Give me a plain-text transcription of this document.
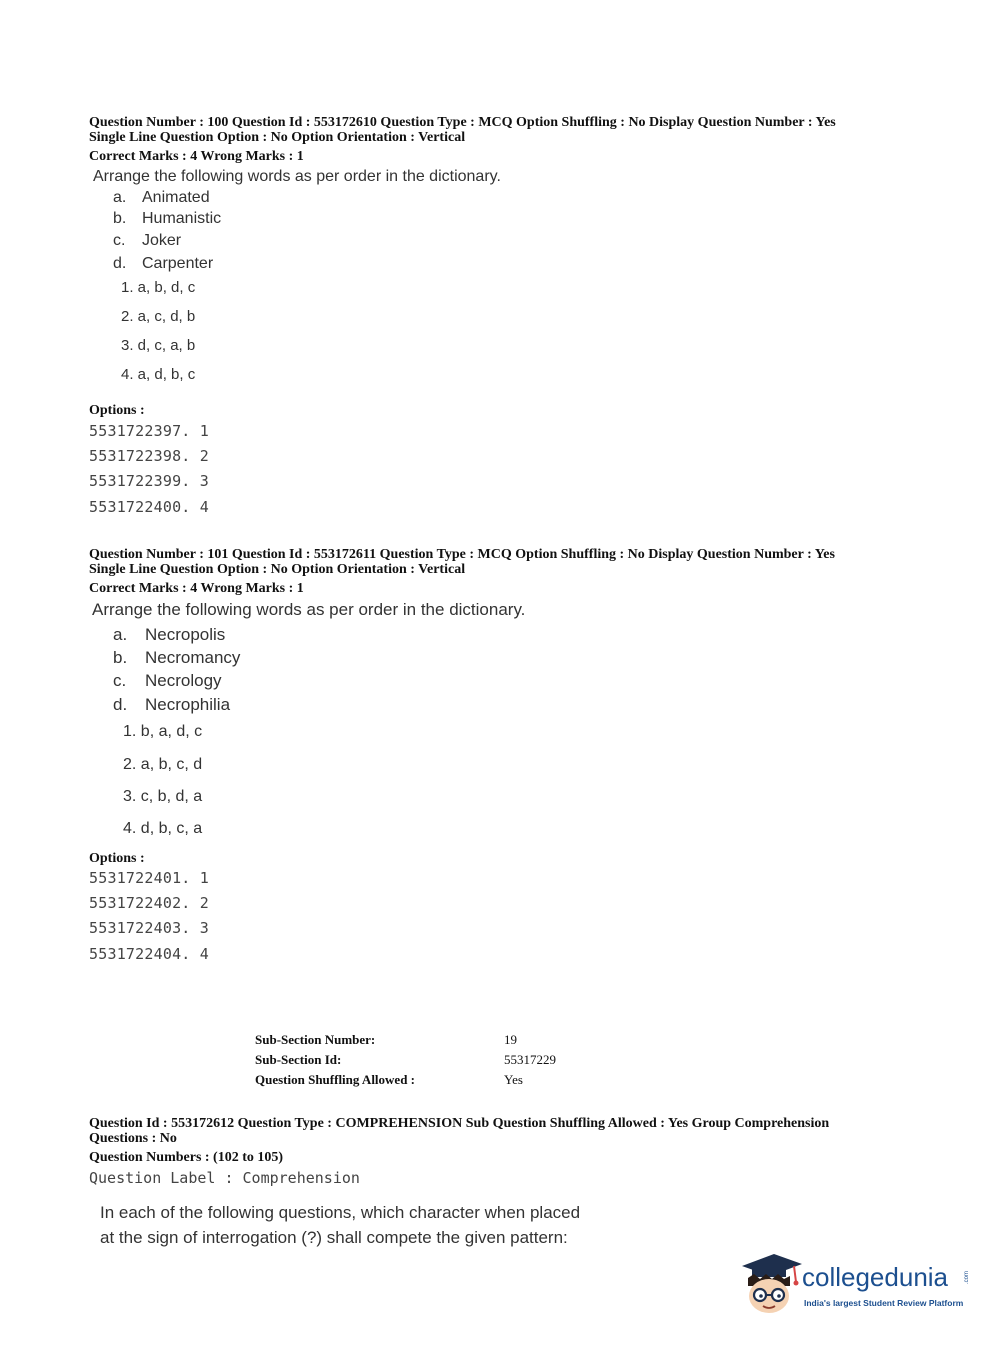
Question Number : 100 Question Id : 553172610 Question Type : MCQ Option Shuffling : No Display Question Number : Yes
Single Line Question Option : No Option Orientation : Vertical
Correct Marks : 4 Wrong Marks : 1
Arrange the following words as per order in the dictionary.
a. Animated
b. Humanistic
c. Joker
d. Carpenter
1. a, b, d, c
2. a, c, d, b
3. d, c, a, b
4. a, d, b, c
Options :
5531722397. 1
5531722398. 2
5531722399. 3
5531722400. 4
Question Number : 101 Question Id : 553172611 Question Type : MCQ Option Shuffling : No Display Question Number : Yes
Single Line Question Option : No Option Orientation : Vertical
Correct Marks : 4 Wrong Marks : 1
Arrange the following words as per order in the dictionary.
a. Necropolis
b. Necromancy
c. Necrology
d. Necrophilia
1. b, a, d, c
2. a, b, c, d
3. c, b, d, a
4. d, b, c, a
Options :
5531722401. 1
5531722402. 2
5531722403. 3
5531722404. 4
Sub-Section Number:	19
Sub-Section Id:	55317229
Question Shuffling Allowed :	Yes
Question Id : 553172612 Question Type : COMPREHENSION Sub Question Shuffling Allowed : Yes Group Comprehension
Questions : No
Question Numbers : (102 to 105)
Question Label : Comprehension
In each of the following questions, which character when placed
at the sign of interrogation (?) shall compete the given pattern:
collegedunia	.com
India's largest Student Review Platform
